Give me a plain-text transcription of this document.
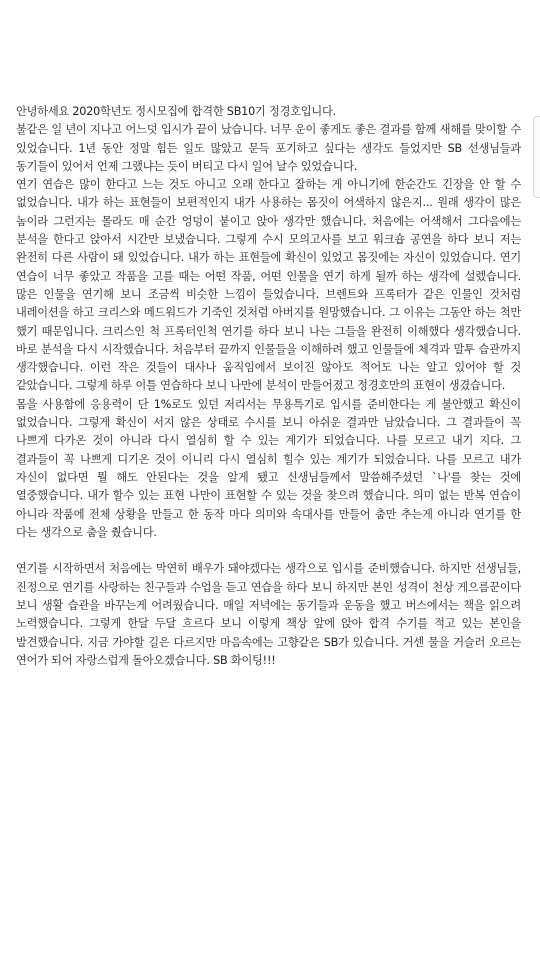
안녕하세요 2020학년도 정시모집에 합격한 SB10기 정경호입니다.

불같은 일 년이 지나고 어느덧 입시가 끝이 났습니다. 너무 운이 좋게도 좋은 결과를 함께 새해를 맞이할 수 있었습니다. 1년 동안 정말 힘든 일도 많았고 문득 포기하고 싶다는 생각도 들었지만 SB 선생님들과 동기들이 있어서 언제 그랬냐는 듯이 버티고 다시 일어 날수 있었습니다.

연기 연습은 많이 한다고 느는 것도 아니고 오래 한다고 잘하는 게 아니기에 한순간도 긴장을 안 할 수 없었습니다. 내가 하는 표현들이 보편적인지 내가 사용하는 몸짓이 어색하지 않은지... 원래 생각이 많은 놈이라 그런지는 몰라도 매 순간 엉덩이 붙이고 앉아 생각만 했습니다. 처음에는 어색해서 그다음에는 분석을 한다고 앉아서 시간만 보냈습니다. 그렇게 수시 모의고사를 보고 워크숍 공연을 하다 보니 저는 완전히 다른 사람이 돼 있었습니다. 내가 하는 표현들에 확신이 있었고 몸짓에는 자신이 있었습니다. 연기 연습이 너무 좋았고 작품을 고를 때는 어떤 작품, 어떤 인물을 연기 하게 될까 하는 생각에 설렜습니다. 많은 인물을 연기해 보니 조금씩 비슷한 느낌이 들었습니다. 브렌트와 프록터가 같은 인물인 것처럼 내레이션을 하고 크리스와 메드워드가 기죽인 것처럼 아버지를 원망했습니다. 그 이유는 그동안 하는 척만 했기 때문입니다. 크리스인 척 프록터인척 연기를 하다 보니 나는 그들을 완전히 이해했다 생각했습니다. 바로 분석을 다시 시작했습니다. 처음부터 끝까지 인물들을 이해하려 했고 인물들에 체격과 말투 습관까지 생각했습니다. 이런 작은 것들이 대사나 움직임에서 보이진 않아도 적어도 나는 알고 있어야 할 것 같았습니다. 그렇게 하루 이틀 연습하다 보니 나만에 분석이 만들어졌고 정경호만의 표현이 생겼습니다.

몸을 사용함에 응용력이 단 1%로도 있던 저리서는 무용특기로 입시를 준비한다는 게 불안했고 확신이 없었습니다. 그렇게 확신이 서지 않은 상태로 수시를 보니 아쉬운 결과만 남았습니다. 그 결과들이 꼭 나쁘게 다가온 것이 아니라 다시 열심히 할 수 있는 계기가 되었습니다. 나를 모르고 내기 지다. 그 결과들이 꼭 나쁘게 디기온 것이 이니리 다시 열심히 힐수 있는 계기가 되었습니다. 나를 모르고 내가 자신이 없다면 뭘 해도 안된다는 것을 알게 됐고 신생님들께서 말씀해주셨던 `나'를 찾는 것에 열중했습니다. 내가 할수 있는 표현 나만이 표현할 수 있는 것을 찾으려 했습니다. 의미 없는 반복 연습이 아니라 작품에 전체 상황을 만들고 한 동작 마다 의미와 속대사를 만들어 춤만 추는게 아니라 연기를 한 다는 생각으로 춤을 췄습니다.

연기를 시작하면서 처음에는 막연히 배우가 돼야겠다는 생각으로 입시를 준비했습니다. 하지만 선생님들, 진정으로 연기를 사랑하는 친구들과 수업을 듣고 연습을 하다 보니 하지만 본인 성격이 천상 게으름꾼이다 보니 생활 습관을 바꾸는게 어려웠습니다. 매일 저녁에는 동기들과 운동을 했고 버스에서는 책을 읽으려 노력했습니다. 그렇게 한달 두달 흐르다 보니 이렇게 책상 앞에 앉아 합격 수기를 적고 있는 본인을 발견했습니다. 지금 가야할 길은 다르지만 마음속에는 고향같은 SB가 있습니다. 거센 물을 거슬러 오르는 연어가 되어 자랑스럽게 돌아오겠습니다. SB 화이팅!!!
